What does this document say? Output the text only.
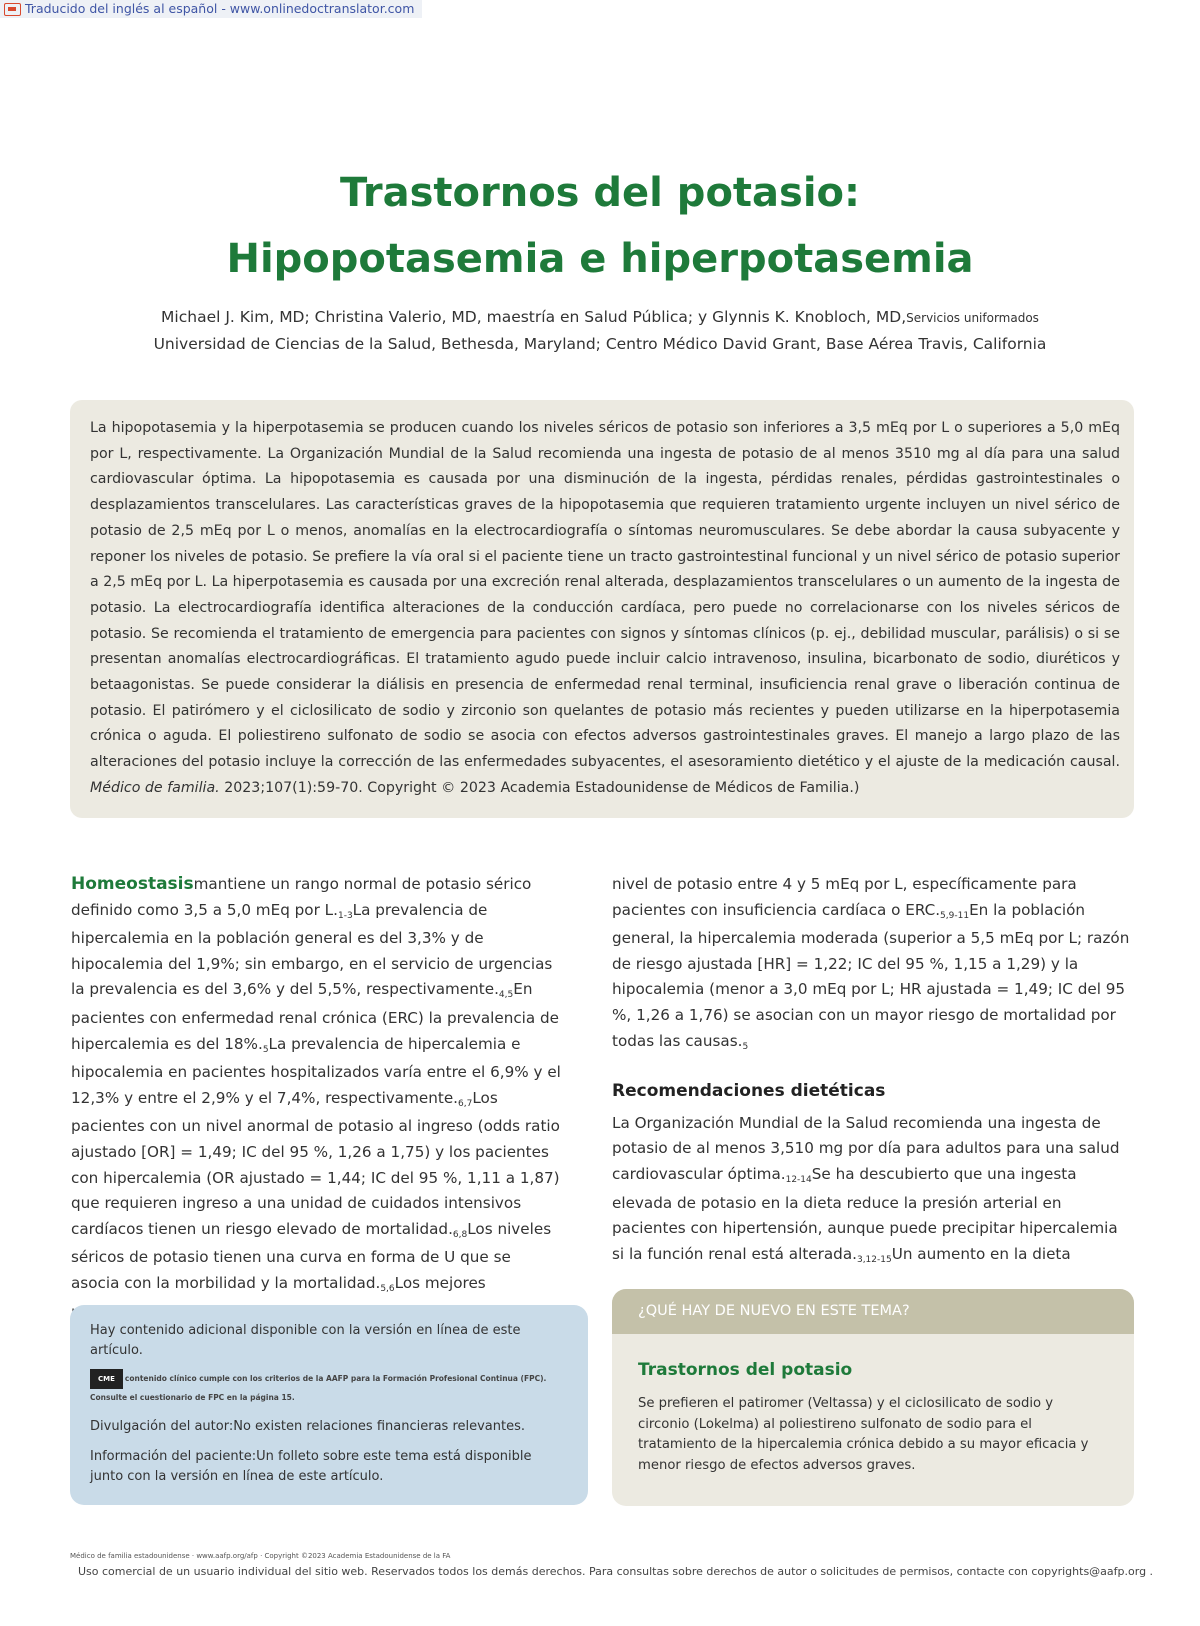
Traducido del inglés al español - www.onlinedoctranslator.com
Trastornos del potasio:
Hipopotasemia e hiperpotasemia
Michael J. Kim, MD; Christina Valerio, MD, maestría en Salud Pública; y Glynnis K. Knobloch, MD,Servicios uniformados
Universidad de Ciencias de la Salud, Bethesda, Maryland; Centro Médico David Grant, Base Aérea Travis, California

La hipopotasemia y la hiperpotasemia se producen cuando los niveles séricos de potasio son inferiores a 3,5 mEq por L o superiores a 5,0 mEq por L, respectivamente. La Organización Mundial de la Salud recomienda una ingesta de potasio de al menos 3510 mg al día para una salud cardiovascular óptima. La hipopotasemia es causada por una disminución de la ingesta, pérdidas renales, pérdidas gastrointestinales o desplazamientos transcelulares. Las características graves de la hipopotasemia que requieren tratamiento urgente incluyen un nivel sérico de potasio de 2,5 mEq por L o menos, anomalías en la electrocardiografía o síntomas neuromusculares. Se debe abordar la causa subyacente y reponer los niveles de potasio. Se prefiere la vía oral si el paciente tiene un tracto gastrointestinal funcional y un nivel sérico de potasio superior a 2,5 mEq por L. La hiperpotasemia es causada por una excreción renal alterada, desplazamientos transcelulares o un aumento de la ingesta de potasio. La electrocardiografía identifica alteraciones de la conducción cardíaca, pero puede no correlacionarse con los niveles séricos de potasio. Se recomienda el tratamiento de emergencia para pacientes con signos y síntomas clínicos (p. ej., debilidad muscular, parálisis) o si se presentan anomalías electrocardiográficas. El tratamiento agudo puede incluir calcio intravenoso, insulina, bicarbonato de sodio, diuréticos y betaagonistas. Se puede considerar la diálisis en presencia de enfermedad renal terminal, insuficiencia renal grave o liberación continua de potasio. El patirómero y el ciclosilicato de sodio y zirconio son quelantes de potasio más recientes y pueden utilizarse en la hiperpotasemia crónica o aguda. El poliestireno sulfonato de sodio se asocia con efectos adversos gastrointestinales graves. El manejo a largo plazo de las alteraciones del potasio incluye la corrección de las enfermedades subyacentes, el asesoramiento dietético y el ajuste de la medicación causal. Médico de familia. 2023;107(1):59-70. Copyright © 2023 Academia Estadounidense de Médicos de Familia.)

Homeostasismantiene un rango normal de potasio sérico definido como 3,5 a 5,0 mEq por L.$^{1-3}$La prevalencia de hipercalemia en la población general es del 3,3% y de hipocalemia del 1,9%; sin embargo, en el servicio de urgencias la prevalencia es del 3,6% y del 5,5%, respectivamente.$^{4,5}$En pacientes con enfermedad renal crónica (ERC) la prevalencia de hipercalemia es del 18%.$^5$La prevalencia de hipercalemia e hipocalemia en pacientes hospitalizados varía entre el 6,9% y el 12,3% y entre el 2,9% y el 7,4%, respectivamente.$^{6,7}$Los pacientes con un nivel anormal de potasio al ingreso (odds ratio ajustado [OR] = 1,49; IC del 95 %, 1,26 a 1,75) y los pacientes con hipercalemia (OR ajustado = 1,44; IC del 95 %, 1,11 a 1,87) que requieren ingreso a una unidad de cuidados intensivos cardíacos tienen un riesgo elevado de mortalidad.$^{6,8}$Los niveles séricos de potasio tienen una curva en forma de U que se asocia con la morbilidad y la mortalidad.$^{5,6}$Los mejores

nivel de potasio entre 4 y 5 mEq por L, específicamente para pacientes con insuficiencia cardíaca o ERC.$^{5,9-11}$En la población general, la hipercalemia moderada (superior a 5,5 mEq por L; razón de riesgo ajustada [HR] = 1,22; IC del 95 %, 1,15 a 1,29) y la hipocalemia (menor a 3,0 mEq por L; HR ajustada = 1,49; IC del 95 %, 1,26 a 1,76) se asocian con un mayor riesgo de mortalidad por todas las causas.$^5$

Recomendaciones dietéticas

La Organización Mundial de la Salud recomienda una ingesta de potasio de al menos 3,510 mg por día para adultos para una salud cardiovascular óptima.$^{12-14}$Se ha descubierto que una ingesta elevada de potasio en la dieta reduce la presión arterial en pacientes con hipertensión, aunque puede precipitar hipercalemia si la función renal está alterada.$^{3,12-15}$Un aumento en la dieta

Hay contenido adicional disponible con la versión en línea de este artículo.
CME contenido clínico cumple con los criterios de la AAFP para la Formación Profesional Continua (FPC).
Consulte el cuestionario de FPC en la página 15.
Divulgación del autor:No existen relaciones financieras relevantes.
Información del paciente:Un folleto sobre este tema está disponible junto con la versión en línea de este artículo.
¿QUÉ HAY DE NUEVO EN ESTE TEMA?
Trastornos del potasio
Se prefieren el patiromer (Veltassa) y el ciclosilicato de sodio y circonio (Lokelma) al poliestireno sulfonato de sodio para el tratamiento de la hipercalemia crónica debido a su mayor eficacia y menor riesgo de efectos adversos graves.
Médico de familia estadounidense · www.aafp.org/afp · Copyright ©2023 Academia Estadounidense de la FA
Uso comercial de un usuario individual del sitio web. Reservados todos los demás derechos. Para consultas sobre derechos de autor o solicitudes de permisos, contacte con copyrights@aafp.org .
